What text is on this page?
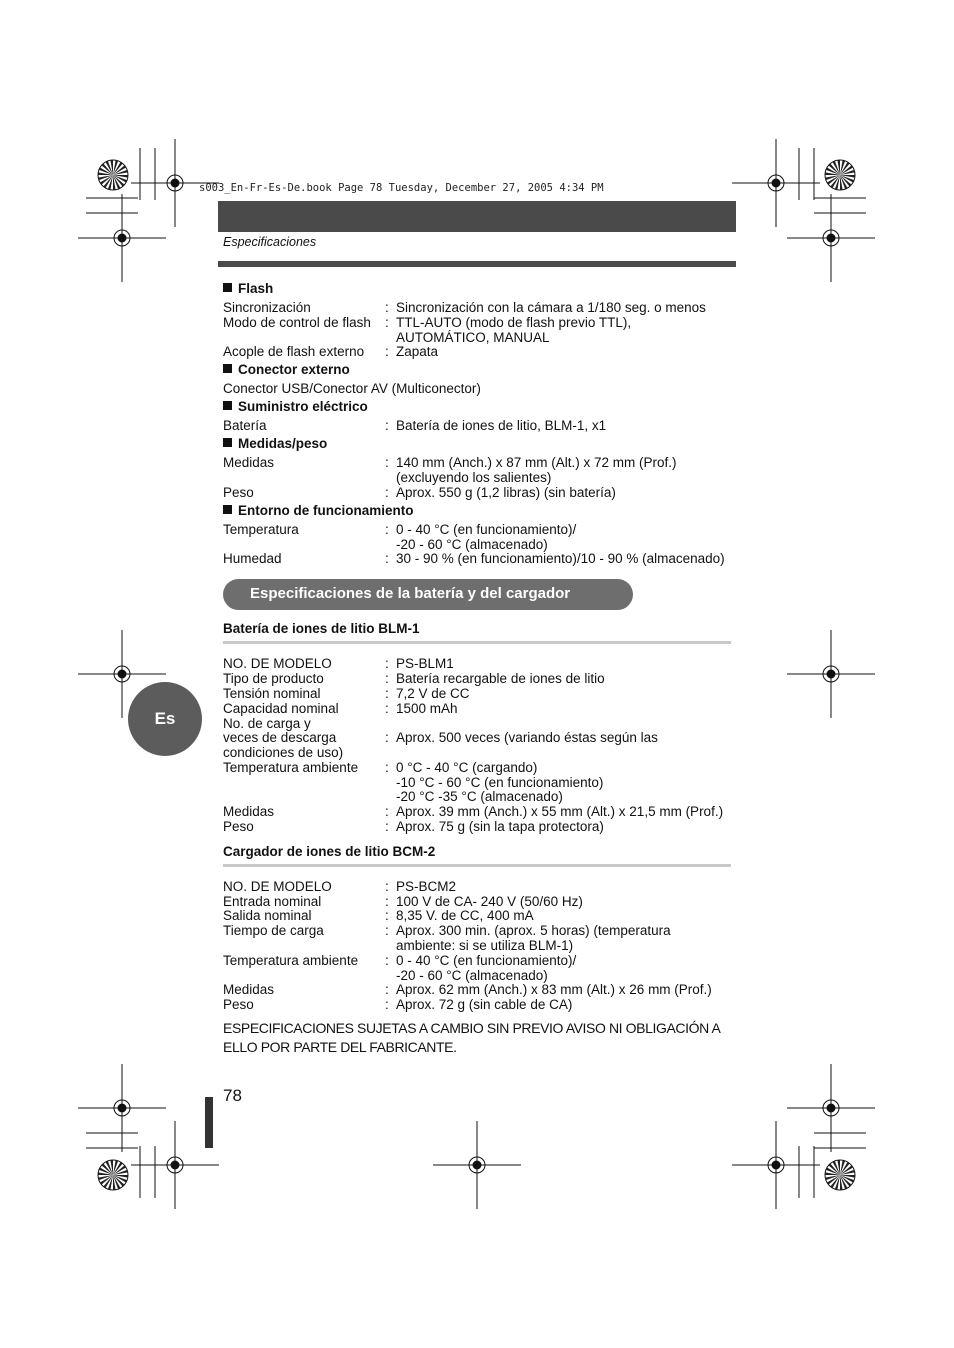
s003_En-Fr-Es-De.book Page 78 Tuesday, December 27, 2005 4:34 PM
Especificaciones
Flash
Sincronización	: Sincronización con la cámara a 1/180 seg. o menos
Modo de control de flash : TTL-AUTO (modo de flash previo TTL),
AUTOMÁTICO, MANUAL
Acople de flash externo : Zapata
Conector externo
Conector USB/Conector AV (Multiconector)
Suministro eléctrico
Batería	: Batería de iones de litio, BLM-1, x1
Medidas/peso
Medidas	: 140 mm (Anch.) x 87 mm (Alt.) x 72 mm (Prof.)
(excluyendo los salientes)
Peso	: Aprox. 550 g (1,2 libras) (sin batería)
Entorno de funcionamiento
Temperatura	: 0 - 40 °C (en funcionamiento)/
-20 - 60 °C (almacenado)
Humedad	: 30 - 90 % (en funcionamiento)/10 - 90 % (almacenado)
Especificaciones de la batería y del cargador
Batería de iones de litio BLM-1
NO. DE MODELO	: PS-BLM1
Tipo de producto	: Batería recargable de iones de litio
Tensión nominal	: 7,2 V de CC
Capacidad nominal	: 1500 mAh
No. de carga y
veces de descarga	: Aprox. 500 veces (variando éstas según las
condiciones de uso)
Temperatura ambiente : 0 °C - 40 °C (cargando)
-10 °C - 60 °C (en funcionamiento)
-20 °C -35 °C (almacenado)
Medidas	: Aprox. 39 mm (Anch.) x 55 mm (Alt.) x 21,5 mm (Prof.)
Peso	: Aprox. 75 g (sin la tapa protectora)
Cargador de iones de litio BCM-2
NO. DE MODELO	: PS-BCM2
Entrada nominal	: 100 V de CA- 240 V (50/60 Hz)
Salida nominal	: 8,35 V. de CC, 400 mA
Tiempo de carga	: Aprox. 300 min. (aprox. 5 horas) (temperatura
ambiente: si se utiliza BLM-1)
Temperatura ambiente : 0 - 40 °C (en funcionamiento)/
-20 - 60 °C (almacenado)
Medidas	: Aprox. 62 mm (Anch.) x 83 mm (Alt.) x 26 mm (Prof.)
Peso	: Aprox. 72 g (sin cable de CA)
ESPECIFICACIONES SUJETAS A CAMBIO SIN PREVIO AVISO NI OBLIGACIÓN A ELLO POR PARTE DEL FABRICANTE.
Es
78
